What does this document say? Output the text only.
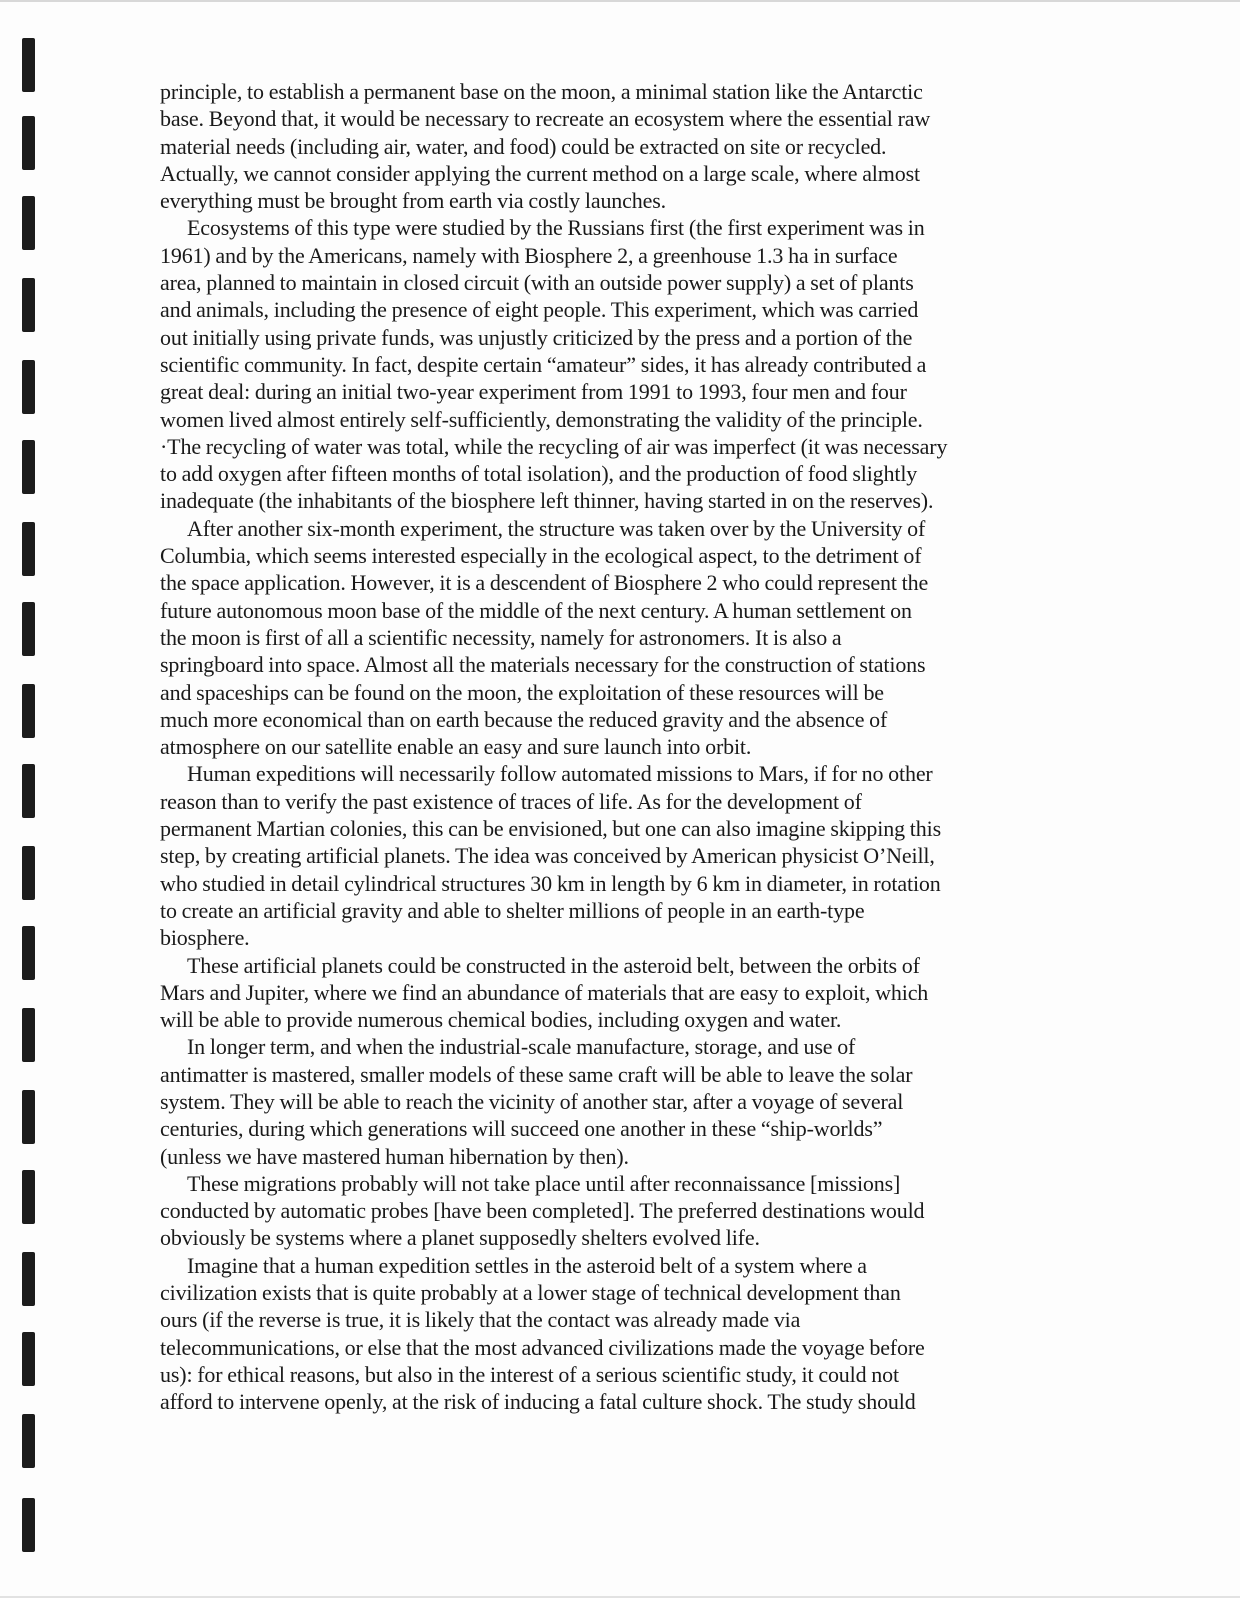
principle, to establish a permanent base on the moon, a minimal station like the Antarctic
base. Beyond that, it would be necessary to recreate an ecosystem where the essential raw
material needs (including air, water, and food) could be extracted on site or recycled.
Actually, we cannot consider applying the current method on a large scale, where almost
everything must be brought from earth via costly launches.
Ecosystems of this type were studied by the Russians first (the first experiment was in
1961) and by the Americans, namely with Biosphere 2, a greenhouse 1.3 ha in surface
area, planned to maintain in closed circuit (with an outside power supply) a set of plants
and animals, including the presence of eight people. This experiment, which was carried
out initially using private funds, was unjustly criticized by the press and a portion of the
scientific community. In fact, despite certain “amateur” sides, it has already contributed a
great deal: during an initial two-year experiment from 1991 to 1993, four men and four
women lived almost entirely self-sufficiently, demonstrating the validity of the principle.
·The recycling of water was total, while the recycling of air was imperfect (it was necessary
to add oxygen after fifteen months of total isolation), and the production of food slightly
inadequate (the inhabitants of the biosphere left thinner, having started in on the reserves).
After another six-month experiment, the structure was taken over by the University of
Columbia, which seems interested especially in the ecological aspect, to the detriment of
the space application. However, it is a descendent of Biosphere 2 who could represent the
future autonomous moon base of the middle of the next century. A human settlement on
the moon is first of all a scientific necessity, namely for astronomers. It is also a
springboard into space. Almost all the materials necessary for the construction of stations
and spaceships can be found on the moon, the exploitation of these resources will be
much more economical than on earth because the reduced gravity and the absence of
atmosphere on our satellite enable an easy and sure launch into orbit.
Human expeditions will necessarily follow automated missions to Mars, if for no other
reason than to verify the past existence of traces of life. As for the development of
permanent Martian colonies, this can be envisioned, but one can also imagine skipping this
step, by creating artificial planets. The idea was conceived by American physicist O’Neill,
who studied in detail cylindrical structures 30 km in length by 6 km in diameter, in rotation
to create an artificial gravity and able to shelter millions of people in an earth-type
biosphere.
These artificial planets could be constructed in the asteroid belt, between the orbits of
Mars and Jupiter, where we find an abundance of materials that are easy to exploit, which
will be able to provide numerous chemical bodies, including oxygen and water.
In longer term, and when the industrial-scale manufacture, storage, and use of
antimatter is mastered, smaller models of these same craft will be able to leave the solar
system. They will be able to reach the vicinity of another star, after a voyage of several
centuries, during which generations will succeed one another in these “ship-worlds”
(unless we have mastered human hibernation by then).
These migrations probably will not take place until after reconnaissance [missions]
conducted by automatic probes [have been completed]. The preferred destinations would
obviously be systems where a planet supposedly shelters evolved life.
Imagine that a human expedition settles in the asteroid belt of a system where a
civilization exists that is quite probably at a lower stage of technical development than
ours (if the reverse is true, it is likely that the contact was already made via
telecommunications, or else that the most advanced civilizations made the voyage before
us): for ethical reasons, but also in the interest of a serious scientific study, it could not
afford to intervene openly, at the risk of inducing a fatal culture shock. The study should
